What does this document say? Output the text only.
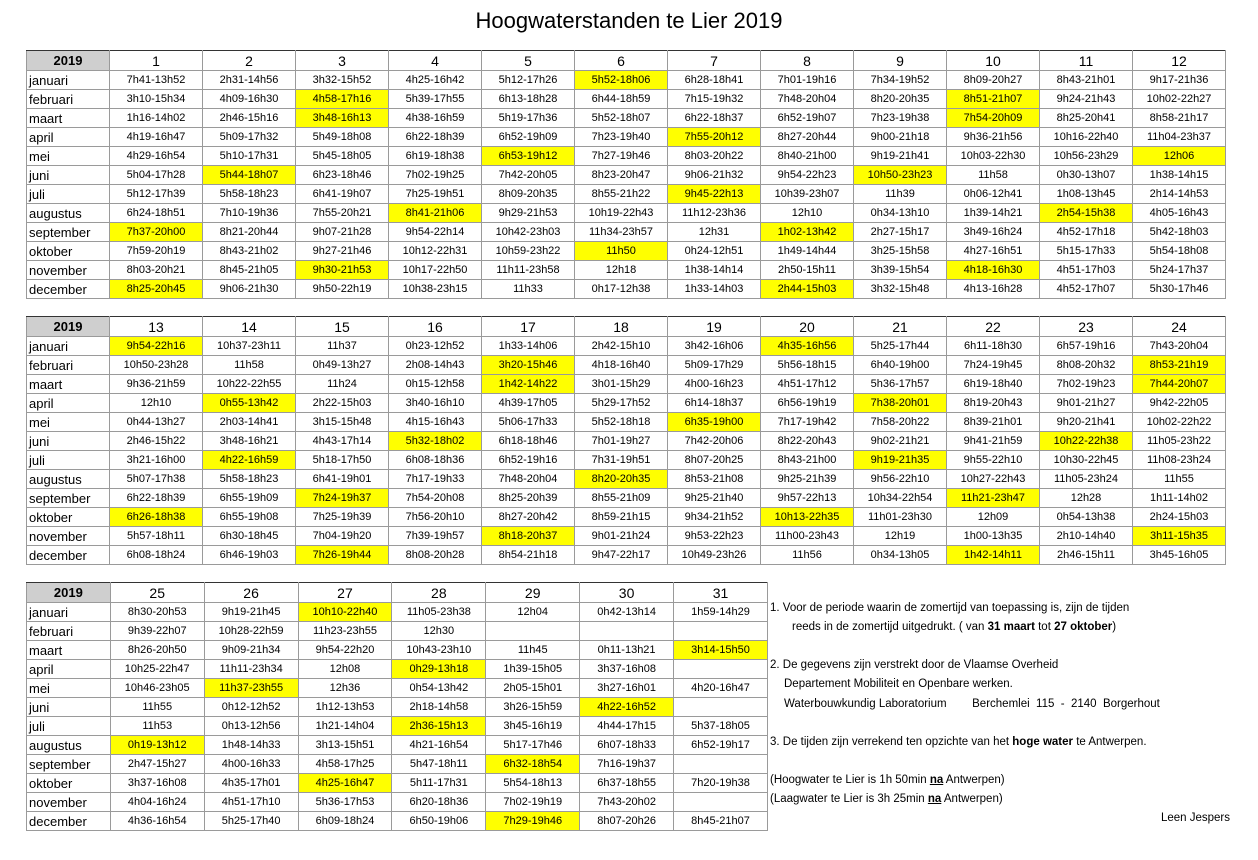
Hoogwaterstanden te Lier 2019
2019	1	2	3	4	5	6	7	8	9	10	11	12
januari	7h41-13h52	2h31-14h56	3h32-15h52	4h25-16h42	5h12-17h26	5h52-18h06	6h28-18h41	7h01-19h16	7h34-19h52	8h09-20h27	8h43-21h01	9h17-21h36
februari	3h10-15h34	4h09-16h30	4h58-17h16	5h39-17h55	6h13-18h28	6h44-18h59	7h15-19h32	7h48-20h04	8h20-20h35	8h51-21h07	9h24-21h43	10h02-22h27
maart	1h16-14h02	2h46-15h16	3h48-16h13	4h38-16h59	5h19-17h36	5h52-18h07	6h22-18h37	6h52-19h07	7h23-19h38	7h54-20h09	8h25-20h41	8h58-21h17
april	4h19-16h47	5h09-17h32	5h49-18h08	6h22-18h39	6h52-19h09	7h23-19h40	7h55-20h12	8h27-20h44	9h00-21h18	9h36-21h56	10h16-22h40	11h04-23h37
mei	4h29-16h54	5h10-17h31	5h45-18h05	6h19-18h38	6h53-19h12	7h27-19h46	8h03-20h22	8h40-21h00	9h19-21h41	10h03-22h30	10h56-23h29	12h06
juni	5h04-17h28	5h44-18h07	6h23-18h46	7h02-19h25	7h42-20h05	8h23-20h47	9h06-21h32	9h54-22h23	10h50-23h23	11h58	0h30-13h07	1h38-14h15
juli	5h12-17h39	5h58-18h23	6h41-19h07	7h25-19h51	8h09-20h35	8h55-21h22	9h45-22h13	10h39-23h07	11h39	0h06-12h41	1h08-13h45	2h14-14h53
augustus	6h24-18h51	7h10-19h36	7h55-20h21	8h41-21h06	9h29-21h53	10h19-22h43	11h12-23h36	12h10	0h34-13h10	1h39-14h21	2h54-15h38	4h05-16h43
september	7h37-20h00	8h21-20h44	9h07-21h28	9h54-22h14	10h42-23h03	11h34-23h57	12h31	1h02-13h42	2h27-15h17	3h49-16h24	4h52-17h18	5h42-18h03
oktober	7h59-20h19	8h43-21h02	9h27-21h46	10h12-22h31	10h59-23h22	11h50	0h24-12h51	1h49-14h44	3h25-15h58	4h27-16h51	5h15-17h33	5h54-18h08
november	8h03-20h21	8h45-21h05	9h30-21h53	10h17-22h50	11h11-23h58	12h18	1h38-14h14	2h50-15h11	3h39-15h54	4h18-16h30	4h51-17h03	5h24-17h37
december	8h25-20h45	9h06-21h30	9h50-22h19	10h38-23h15	11h33	0h17-12h38	1h33-14h03	2h44-15h03	3h32-15h48	4h13-16h28	4h52-17h07	5h30-17h46
2019	13	14	15	16	17	18	19	20	21	22	23	24
januari	9h54-22h16	10h37-23h11	11h37	0h23-12h52	1h33-14h06	2h42-15h10	3h42-16h06	4h35-16h56	5h25-17h44	6h11-18h30	6h57-19h16	7h43-20h04
februari	10h50-23h28	11h58	0h49-13h27	2h08-14h43	3h20-15h46	4h18-16h40	5h09-17h29	5h56-18h15	6h40-19h00	7h24-19h45	8h08-20h32	8h53-21h19
maart	9h36-21h59	10h22-22h55	11h24	0h15-12h58	1h42-14h22	3h01-15h29	4h00-16h23	4h51-17h12	5h36-17h57	6h19-18h40	7h02-19h23	7h44-20h07
april	12h10	0h55-13h42	2h22-15h03	3h40-16h10	4h39-17h05	5h29-17h52	6h14-18h37	6h56-19h19	7h38-20h01	8h19-20h43	9h01-21h27	9h42-22h05
mei	0h44-13h27	2h03-14h41	3h15-15h48	4h15-16h43	5h06-17h33	5h52-18h18	6h35-19h00	7h17-19h42	7h58-20h22	8h39-21h01	9h20-21h41	10h02-22h22
juni	2h46-15h22	3h48-16h21	4h43-17h14	5h32-18h02	6h18-18h46	7h01-19h27	7h42-20h06	8h22-20h43	9h02-21h21	9h41-21h59	10h22-22h38	11h05-23h22
juli	3h21-16h00	4h22-16h59	5h18-17h50	6h08-18h36	6h52-19h16	7h31-19h51	8h07-20h25	8h43-21h00	9h19-21h35	9h55-22h10	10h30-22h45	11h08-23h24
augustus	5h07-17h38	5h58-18h23	6h41-19h01	7h17-19h33	7h48-20h04	8h20-20h35	8h53-21h08	9h25-21h39	9h56-22h10	10h27-22h43	11h05-23h24	11h55
september	6h22-18h39	6h55-19h09	7h24-19h37	7h54-20h08	8h25-20h39	8h55-21h09	9h25-21h40	9h57-22h13	10h34-22h54	11h21-23h47	12h28	1h11-14h02
oktober	6h26-18h38	6h55-19h08	7h25-19h39	7h56-20h10	8h27-20h42	8h59-21h15	9h34-21h52	10h13-22h35	11h01-23h30	12h09	0h54-13h38	2h24-15h03
november	5h57-18h11	6h30-18h45	7h04-19h20	7h39-19h57	8h18-20h37	9h01-21h24	9h53-22h23	11h00-23h43	12h19	1h00-13h35	2h10-14h40	3h11-15h35
december	6h08-18h24	6h46-19h03	7h26-19h44	8h08-20h28	8h54-21h18	9h47-22h17	10h49-23h26	11h56	0h34-13h05	1h42-14h11	2h46-15h11	3h45-16h05
2019	25	26	27	28	29	30	31
januari	8h30-20h53	9h19-21h45	10h10-22h40	11h05-23h38	12h04	0h42-13h14	1h59-14h29
februari	9h39-22h07	10h28-22h59	11h23-23h55	12h30			
maart	8h26-20h50	9h09-21h34	9h54-22h20	10h43-23h10	11h45	0h11-13h21	3h14-15h50
april	10h25-22h47	11h11-23h34	12h08	0h29-13h18	1h39-15h05	3h37-16h08	
mei	10h46-23h05	11h37-23h55	12h36	0h54-13h42	2h05-15h01	3h27-16h01	4h20-16h47
juni	11h55	0h12-12h52	1h12-13h53	2h18-14h58	3h26-15h59	4h22-16h52	
juli	11h53	0h13-12h56	1h21-14h04	2h36-15h13	3h45-16h19	4h44-17h15	5h37-18h05
augustus	0h19-13h12	1h48-14h33	3h13-15h51	4h21-16h54	5h17-17h46	6h07-18h33	6h52-19h17
september	2h47-15h27	4h00-16h33	4h58-17h25	5h47-18h11	6h32-18h54	7h16-19h37	
oktober	3h37-16h08	4h35-17h01	4h25-16h47	5h11-17h31	5h54-18h13	6h37-18h55	7h20-19h38
november	4h04-16h24	4h51-17h10	5h36-17h53	6h20-18h36	7h02-19h19	7h43-20h02	
december	4h36-16h54	5h25-17h40	6h09-18h24	6h50-19h06	7h29-19h46	8h07-20h26	8h45-21h07
1. Voor de periode waarin de zomertijd van toepassing is, zijn de tijden
reeds in de zomertijd uitgedrukt. ( van 31 maart tot 27 oktober)
2. De gegevens zijn verstrekt door de Vlaamse Overheid
Departement Mobiliteit en Openbare werken.
Waterbouwkundig Laboratorium        Berchemlei  115  -  2140  Borgerhout
3. De tijden zijn verrekend ten opzichte van het hoge water te Antwerpen.
(Hoogwater te Lier is 1h 50min na Antwerpen)
(Laagwater te Lier is 3h 25min na Antwerpen)
Leen Jespers
